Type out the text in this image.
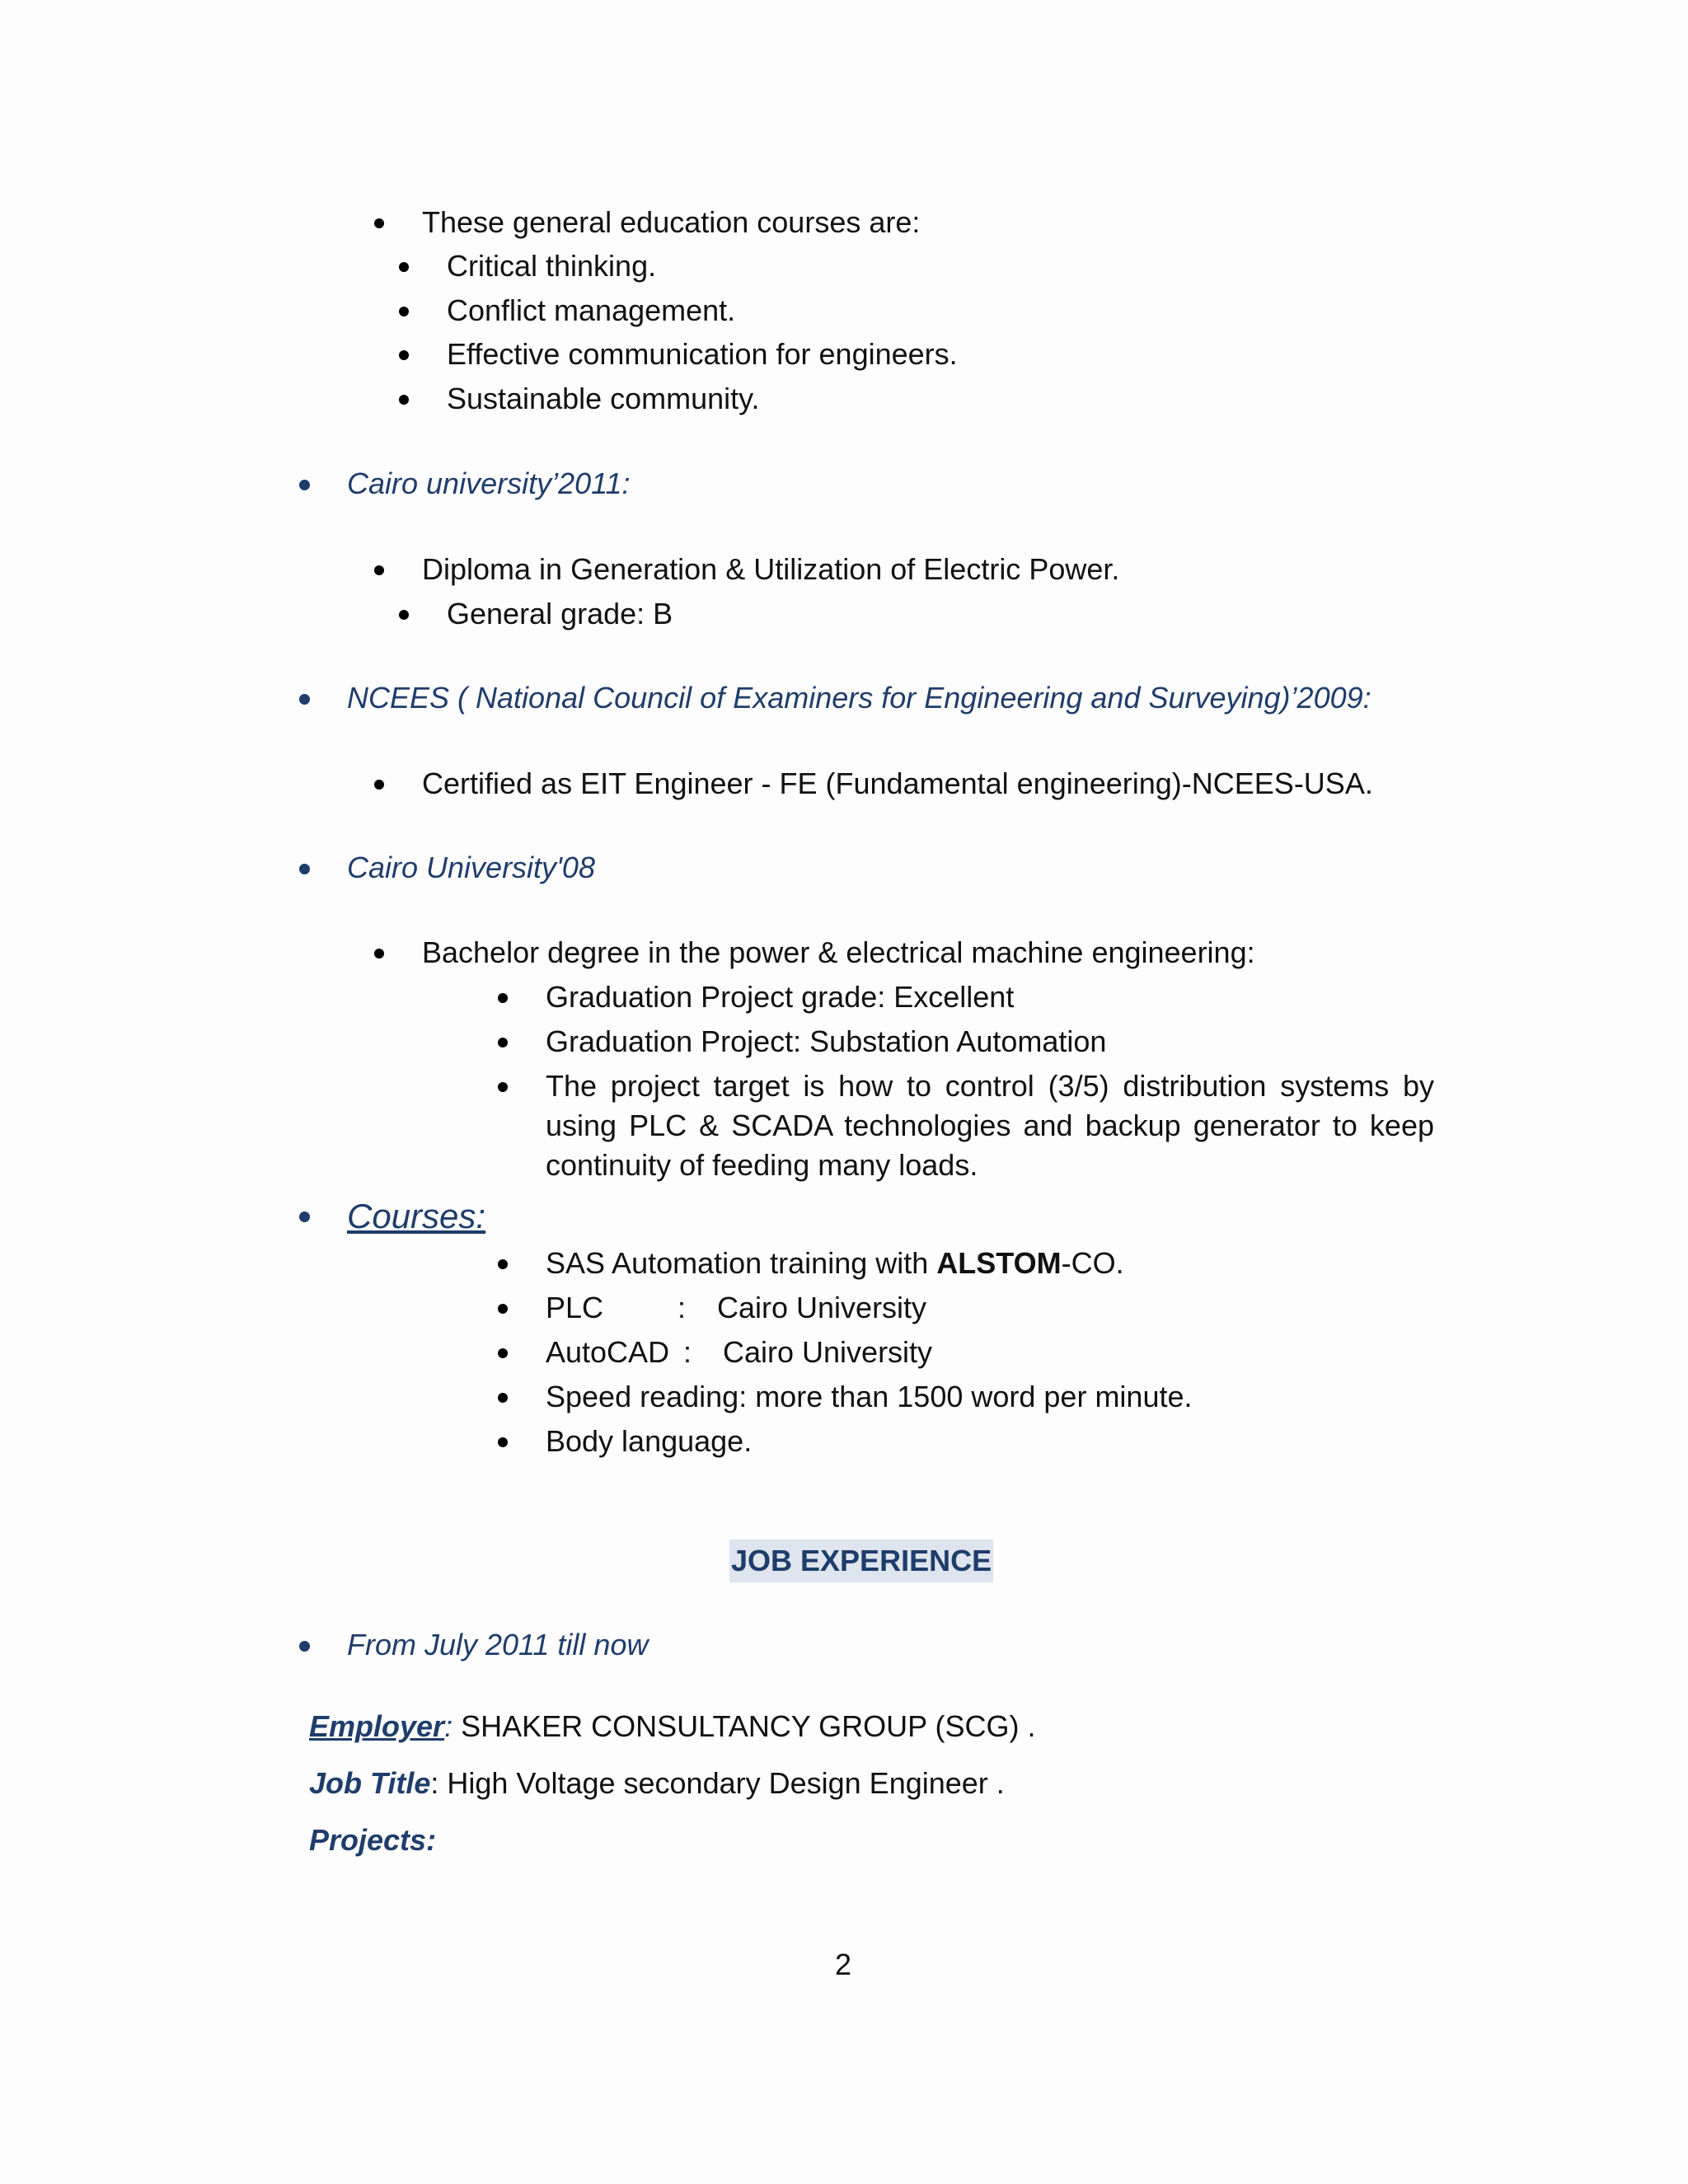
These general education courses are:
Critical thinking.
Conflict management.
Effective communication for engineers.
Sustainable community.
Cairo university’2011:
Diploma in Generation & Utilization of Electric Power.
General grade: B
NCEES ( National Council of Examiners for Engineering and Surveying)’2009:
Certified as EIT Engineer - FE (Fundamental engineering)-NCEES-USA.
Cairo University'08
Bachelor degree in the power & electrical machine engineering:
Graduation Project grade: Excellent
Graduation Project: Substation Automation
The project target is how to control (3/5) distribution systems by using PLC & SCADA technologies and backup generator to keep continuity of feeding many loads.
Courses:
SAS Automation training with ALSTOM-CO.
PLC : Cairo University
AutoCAD : Cairo University
Speed reading: more than 1500 word per minute.
Body language.
JOB EXPERIENCE
From July 2011 till now
Employer: SHAKER CONSULTANCY GROUP (SCG) .
Job Title: High Voltage secondary Design Engineer .
Projects:
2
